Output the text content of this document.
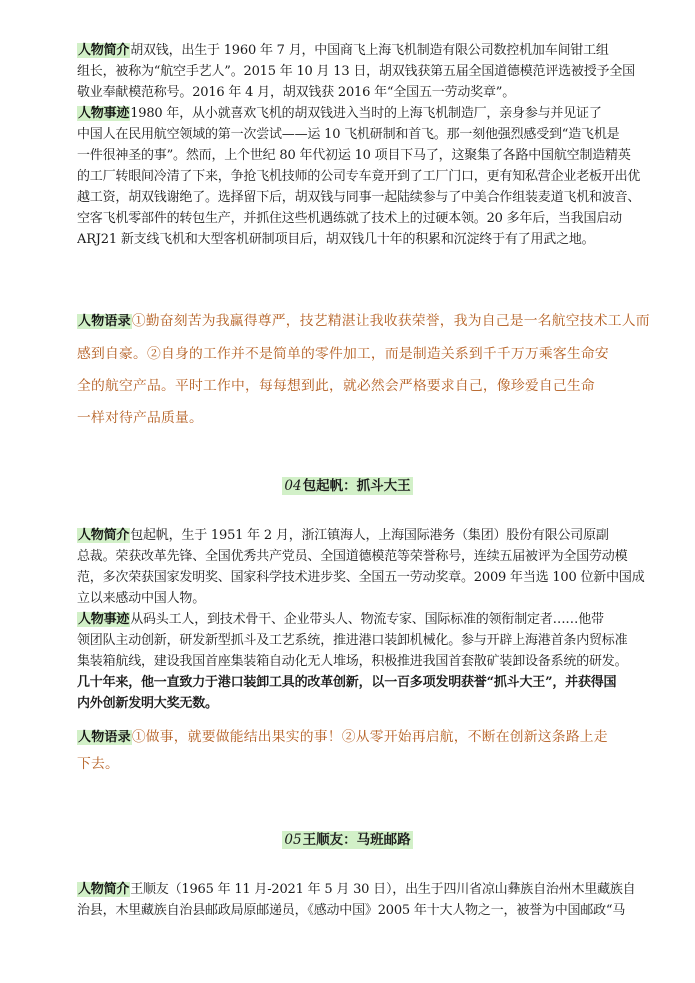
人物简介胡双钱，出生于 1960 年 7 月，中国商飞上海飞机制造有限公司数控机加车间钳工组
组长，被称为“航空手艺人”。2015 年 10 月 13 日，胡双钱获第五届全国道德模范评选被授予全国
敬业奉献模范称号。2016 年 4 月，胡双钱获 2016 年“全国五一劳动奖章”。
人物事迹1980 年，从小就喜欢飞机的胡双钱进入当时的上海飞机制造厂，亲身参与并见证了
中国人在民用航空领域的第一次尝试——运 10 飞机研制和首飞。那一刻他强烈感受到“造飞机是
一件很神圣的事”。然而，上个世纪 80 年代初运 10 项目下马了，这聚集了各路中国航空制造精英
的工厂转眼间冷清了下来，争抢飞机技师的公司专车竟开到了工厂门口，更有知私营企业老板开出优
越工资，胡双钱谢绝了。选择留下后，胡双钱与同事一起陆续参与了中美合作组装麦道飞机和波音、
空客飞机零部件的转包生产，并抓住这些机遇练就了技术上的过硬本领。20 多年后，当我国启动
ARJ21 新支线飞机和大型客机研制项目后，胡双钱几十年的积累和沉淀终于有了用武之地。
人物语录①勤奋刻苦为我赢得尊严，技艺精湛让我收获荣誉，我为自己是一名航空技术工人而
感到自豪。②自身的工作并不是简单的零件加工，而是制造关系到千千万万乘客生命安
全的航空产品。平时工作中，每每想到此，就必然会严格要求自己，像珍爱自己生命
一样对待产品质量。
04包起帆：抓斗大王
人物简介包起帆，生于 1951 年 2 月，浙江镇海人，上海国际港务（集团）股份有限公司原副
总裁。荣获改革先锋、全国优秀共产党员、全国道德模范等荣誉称号，连续五届被评为全国劳动模
范，多次荣获国家发明奖、国家科学技术进步奖、全国五一劳动奖章。2009 年当选 100 位新中国成
立以来感动中国人物。
人物事迹从码头工人，到技术骨干、企业带头人、物流专家、国际标准的领衔制定者……他带
领团队主动创新，研发新型抓斗及工艺系统，推进港口装卸机械化。参与开辟上海港首条内贸标准
集装箱航线，建设我国首座集装箱自动化无人堆场，积极推进我国首套散矿装卸设备系统的研发。
几十年来，他一直致力于港口装卸工具的改革创新，以一百多项发明获誉“抓斗大王”，并获得国
内外创新发明大奖无数。
人物语录①做事，就要做能结出果实的事！②从零开始再启航，不断在创新这条路上走
下去。
05王顺友：马班邮路
人物简介王顺友（1965 年 11 月-2021 年 5 月 30 日），出生于四川省凉山彝族自治州木里藏族自
治县，木里藏族自治县邮政局原邮递员，《感动中国》2005 年十大人物之一，被誉为中国邮政“马
